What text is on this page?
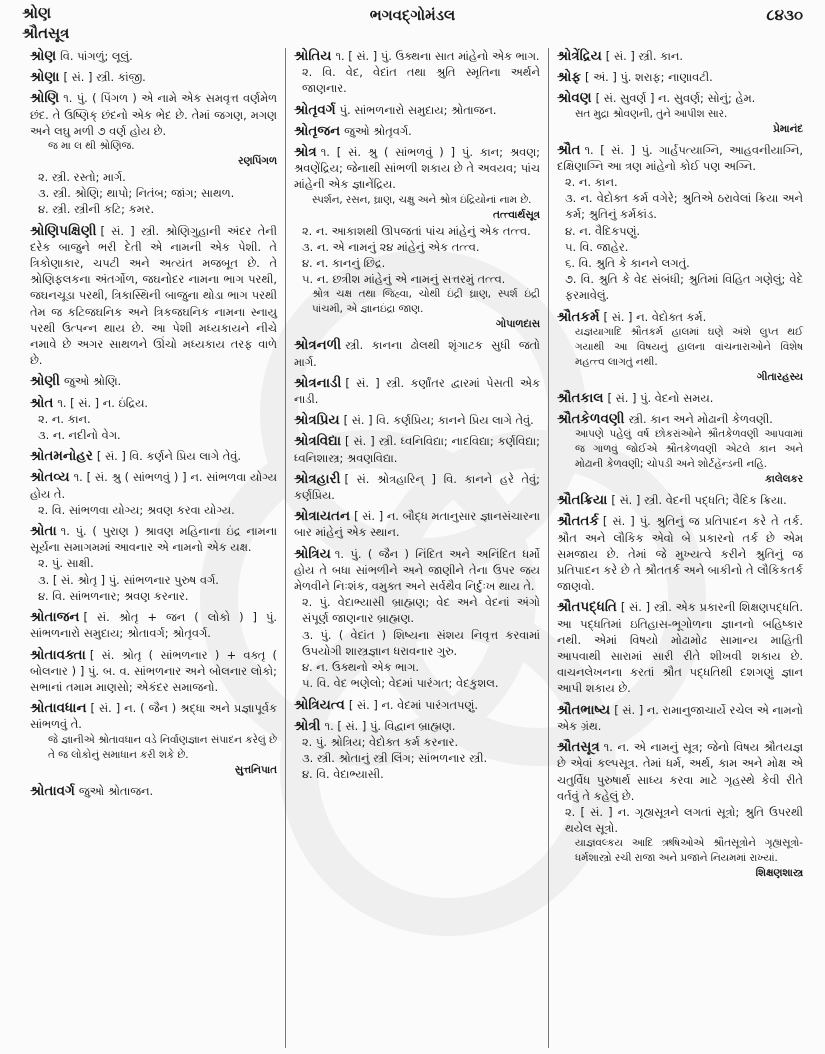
શ્રોણ
શ્રૌતસૂત્ર
ભગવદ્ગોમંડલ	૮૪૩૦
શ્રોણ વિ. પાંગળું; લૂલું.
શ્રોણા [ સં. ] સ્ત્રી. કાંજી.
શ્રોણિ ૧. પું. ( પિંગળ ) એ નામે એક સમવૃત્ત વર્ણમેળ છંદ. તે ઉષ્ણિક્ છંદનો એક ભેદ છે. તેમાં જગણ, મગણ અને લઘુ મળી ૭ વર્ણ હોય છે.
જ મા લ થી શ્રોણિજ.
રણપિંગળ
૨. સ્ત્રી. રસ્તો; માર્ગ.
૩. સ્ત્રી. શ્રોણિ; થાપો; નિતંબ; જાંગ; સાથળ.
૪. સ્ત્રી. સ્ત્રીની કટિ; કમર.
શ્રોણિપક્ષિણી [ સં. ] સ્ત્રી. શ્રોણિગુહાની અંદર તેની દરેક બાજુને ભરી દેતી એ નામની એક પેશી. તે ત્રિકોણાકાર, ચપટી અને અત્યંત મજબૂત છે. તે શ્રોણિફલકના અંતર્ગોળ, જઘનોદર નામના ભાગ પરથી, જઘનચૂડા પરથી, ત્રિકાસ્થિની બાજુના થોડા ભાગ પરથી તેમ જ કટિજઘનિક અને ત્રિકજઘનિક નામના સ્નાયુ પરથી ઉત્પન્ન થાય છે. આ પેશી મધ્યકાયને નીચે નમાવે છે અગર સાથળને ઊંચો મધ્યકાય તરફ વાળે છે.
શ્રોણી જુઓ શ્રોણિ.
શ્રોત ૧. [ સં. ] ન. ઇંદ્રિય.
૨. ન. કાન.
૩. ન. નદીનો વેગ.
શ્રોતમનોહર [ સં. ] વિ. કર્ણને પ્રિય લાગે તેવું.
શ્રોતવ્ય ૧. [ સં. શ્રુ ( સાંભળવું ) ] ન. સાંભળવા યોગ્ય હોય તે.
૨. વિ. સાંભળવા યોગ્ય; શ્રવણ કરવા યોગ્ય.
શ્રોતા ૧. પું. ( પુરાણ ) શ્રાવણ મહિનાના ઇંદ્ર નામના સૂર્યના સમાગમમાં આવનાર એ નામનો એક યક્ષ.
૨. પું. સાક્ષી.
૩. [ સં. શ્રોતૃ ] પું. સાંભળનાર પુરુષ વર્ગ.
૪. વિ. સાંભળનાર; શ્રવણ કરનાર.
શ્રોતાજન [ સં. શ્રોતૃ + જન ( લોકો ) ] પું. સાંભળનારો સમુદાય; શ્રોતાવર્ગ; શ્રોતૃવર્ગ.
શ્રોતાવક્તા [ સં. શ્રોતૃ ( સાંભળનાર ) + વક્તૃ ( બોલનાર ) ] પું. બ. વ. સાંભળનાર અને બોલનાર લોકો; સભાનાં તમામ માણસો; એકંદર સમાજનો.
શ્રોતાવધાન [ સં. ] ન. ( જૈન ) શ્રદ્ધા અને પ્રજ્ઞાપૂર્વક સાંભળવું તે.
જે જ્ઞાનીએ શ્રોતાવધાન વડે નિર્વાણજ્ઞાન સંપાદન કરેલું છે તે જ લોકોનું સમાધાન કરી શકે છે.
સુત્તનિપાત
શ્રોતાવર્ગ જુઓ શ્રોતાજન.
શ્રોતિય ૧. [ સં. ] પું. ઉક્થના સાત માંહેનો એક ભાગ.
૨. વિ. વેદ, વેદાંત તથા શ્રુતિ સ્મૃતિના અર્થને જાણનાર.
શ્રોતૃવર્ગ પું. સાંભળનારો સમુદાય; શ્રોતાજન.
શ્રોતૃજન જુઓ શ્રોતૃવર્ગ.
શ્રોત્ર ૧. [ સં. શ્રુ ( સાંભળવું ) ] પું. કાન; શ્રવણ; શ્રવણેંદ્રિય; જેનાથી સાંભળી શકાય છે તે અવયવ; પાંચ માંહેની એક જ્ઞાનેંદ્રિય.
સ્પર્શન, રસન, ઘ્રાણ, ચક્ષુ અને શ્રોત્ર ઇંદ્રિયોનાં નામ છે.
તત્ત્વાર્થસૂત્ર
૨. ન. આકાશથી ઊપજતાં પાંચ માંહેનું એક તત્ત્વ.
૩. ન. એ નામનું ૨૪ માંહેનું એક તત્ત્વ.
૪. ન. કાનનું છિદ્ર.
૫. ન. છત્રીશ માંહેનું એ નામનું સત્તરમું તત્ત્વ.
શ્રોત્ર ચક્ષ તથા જિહ્વા, ચોથી ઇંદ્રી ઘ્રાણ, સ્પર્શ ઇંદ્રી પાંચમી, એ જ્ઞાનઇંદ્રા જાણ.
ગોપાળદાસ
શ્રોત્રનળી સ્ત્રી. કાનના ઢોલથી શૃંગાટક સુધી જતો માર્ગ.
શ્રોત્રનાડી [ સં. ] સ્ત્રી. કર્ણાંતર દ્વારમાં પેસતી એક નાડી.
શ્રોત્રપ્રિય [ સં. ] વિ. કર્ણપ્રિય; કાનને પ્રિય લાગે તેવું.
શ્રોત્રવિદ્યા [ સં. ] સ્ત્રી. ધ્વનિવિદ્યા; નાદવિદ્યા; કર્ણવિદ્યા; ધ્વનિશાસ્ત્ર; શ્રવણવિદ્યા.
શ્રોત્રહારી [ સં. શ્રોત્રહારિન્ ] વિ. કાનને હરે તેવું; કર્ણપ્રિય.
શ્રોત્રાયતન [ સં. ] ન. બૌદ્ધ મતાનુસાર જ્ઞાનસંચારના બાર માંહેનું એક સ્થાન.
શ્રોત્રિય ૧. પું. ( જૈન ) નિંદિત અને અનિંદિત ધર્મો હોય તે બધા સાંભળીને અને જાણીને તેના ઉપર જય મેળવીને નિઃશંક, વમુક્ત અને સર્વથૈવ નિર્દુઃખ થાય તે.
૨. પું. વેદાભ્યાસી બ્રાહ્મણ; વેદ અને વેદનાં અંગો સંપૂર્ણ જાણનાર બ્રાહ્મણ.
૩. પું. ( વેદાંત ) શિષ્યના સંશય નિવૃત્ત કરવામાં ઉપયોગી શાસ્ત્રજ્ઞાન ધરાવનાર ગુરુ.
૪. ન. ઉક્થનો એક ભાગ.
૫. વિ. વેદ ભણેલો; વેદમાં પારંગત; વેદકુશલ.
શ્રોત્રિયત્વ [ સં. ] ન. વેદમાં પારંગતપણું.
શ્રોત્રી ૧. [ સં. ] પું. વિદ્વાન બ્રાહ્મણ.
૨. પું. શ્રોત્રિય; વેદોક્ત કર્મ કરનાર.
૩. સ્ત્રી. શ્રોતાનું સ્ત્રી લિંગ; સાંભળનાર સ્ત્રી.
૪. વિ. વેદાભ્યાસી.
શ્રોત્રેંદ્રિય [ સં. ] સ્ત્રી. કાન.
શ્રોફ [ અં. ] પું. શરાફ; નાણાવટી.
શ્રોવણ [ સં. સુવર્ણ ] ન. સુવર્ણ; સોનું; હેમ.
સત મુદ્રા શ્રોવણની, તુંને આપીશ સાર.
પ્રેમાનંદ
શ્રૌત ૧. [ સં. ] પું. ગાર્હપત્યાગ્નિ, આહવનીયાગ્નિ, દક્ષિણાગ્નિ આ ત્રણ માંહેનો કોઈ પણ અગ્નિ.
૨. ન. કાન.
૩. ન. વેદોક્ત કર્મ વગેરે; શ્રુતિએ ઠરાવેલાં ક્રિયા અને કર્મ; શ્રુતિનું કર્મકાંડ.
૪. ન. વૈદિકપણું.
૫. વિ. જાહેર.
૬. વિ. શ્રુતિ કે કાનને લગતું.
૭. વિ. શ્રુતિ કે વેદ સંબંધી; શ્રુતિમાં વિહિત ગણેલું; વેદે ફરમાવેલું.
શ્રૌતકર્મ [ સં. ] ન. વેદોક્ત કર્મ.
યજ્ઞયાગાદિ શ્રૌતકર્મ હાલમાં ઘણે અંશે લુપ્ત થઈ ગયાથી આ વિષયનું હાલના વાંચનારાઓને વિશેષ મહત્ત્વ લાગતું નથી.
ગીતારહસ્ય
શ્રૌતકાલ [ સં. ] પું. વેદનો સમય.
શ્રૌતકેળવણી સ્ત્રી. કાન અને મોઢાની કેળવણી.
આપણે પહેલું વર્ષ છોકરાંઓને શ્રૌતકેળવણી આપવામાં જ ગાળવું જોઈએ શ્રૌતકેળવણી એટલે કાન અને મોઢાની કેળવણી; ચોપડી અને શોર્ટહૅન્ડની નહિ.
કાલેલકર
શ્રૌતક્રિયા [ સં. ] સ્ત્રી. વેદની પદ્ધતિ; વૈદિક ક્રિયા.
શ્રૌતતર્ક [ સં. ] પું. શ્રુતિનું જ પ્રતિપાદન કરે તે તર્ક. શ્રૌત અને લૌકિક એવો બે પ્રકારનો તર્ક છે એમ સમજાય છે. તેમાં જે મુખ્યત્વે કરીને શ્રુતિનું જ પ્રતિપાદન કરે છે તે શ્રૌતતર્ક અને બાકીનો તે લૌકિકતર્ક જાણવો.
શ્રૌતપદ્ધતિ [ સં. ] સ્ત્રી. એક પ્રકારની શિક્ષણપદ્ધતિ. આ પદ્ધતિમાં ઇતિહાસ-ભૂગોળના જ્ઞાનનો બહિષ્કાર નથી. એમાં વિષયો મોઢામોઢ સામાન્ય માહિતી આપવાથી સારામાં સારી રીતે શીખવી શકાય છે. વાચનલેખનના કરતાં શ્રૌત પદ્ધતિથી દશગણું જ્ઞાન આપી શકાય છે.
શ્રૌતભાષ્ય [ સં. ] ન. રામાનુજાચાર્યે રચેલ એ નામનો એક ગ્રંથ.
શ્રૌતસૂત્ર ૧. ન. એ નામનું સૂત્ર; જેનો વિષય શ્રૌતયજ્ઞ છે એવાં કલ્પસૂત્ર. તેમાં ધર્મ, અર્થ, કામ અને મોક્ષ એ ચતુર્વિધ પુરુષાર્થ સાધ્ય કરવા માટે ગૃહસ્થે કેવી રીતે વર્તવું તે કહેલું છે.
૨. [ સં. ] ન. ગૃહ્યસૂત્રને લગતાં સૂત્રો; શ્રુતિ ઉપરથી થયેલ સૂત્રો.
યાજ્ઞવલ્કય આદિ ઋષિઓએ શ્રૌતસૂત્રોને ગૃહ્યસૂત્રો-ધર્મશાસ્ત્રો રચી રાજા અને પ્રજાને નિયમમાં રાખ્યાં.
શિક્ષણશાસ્ત્ર
